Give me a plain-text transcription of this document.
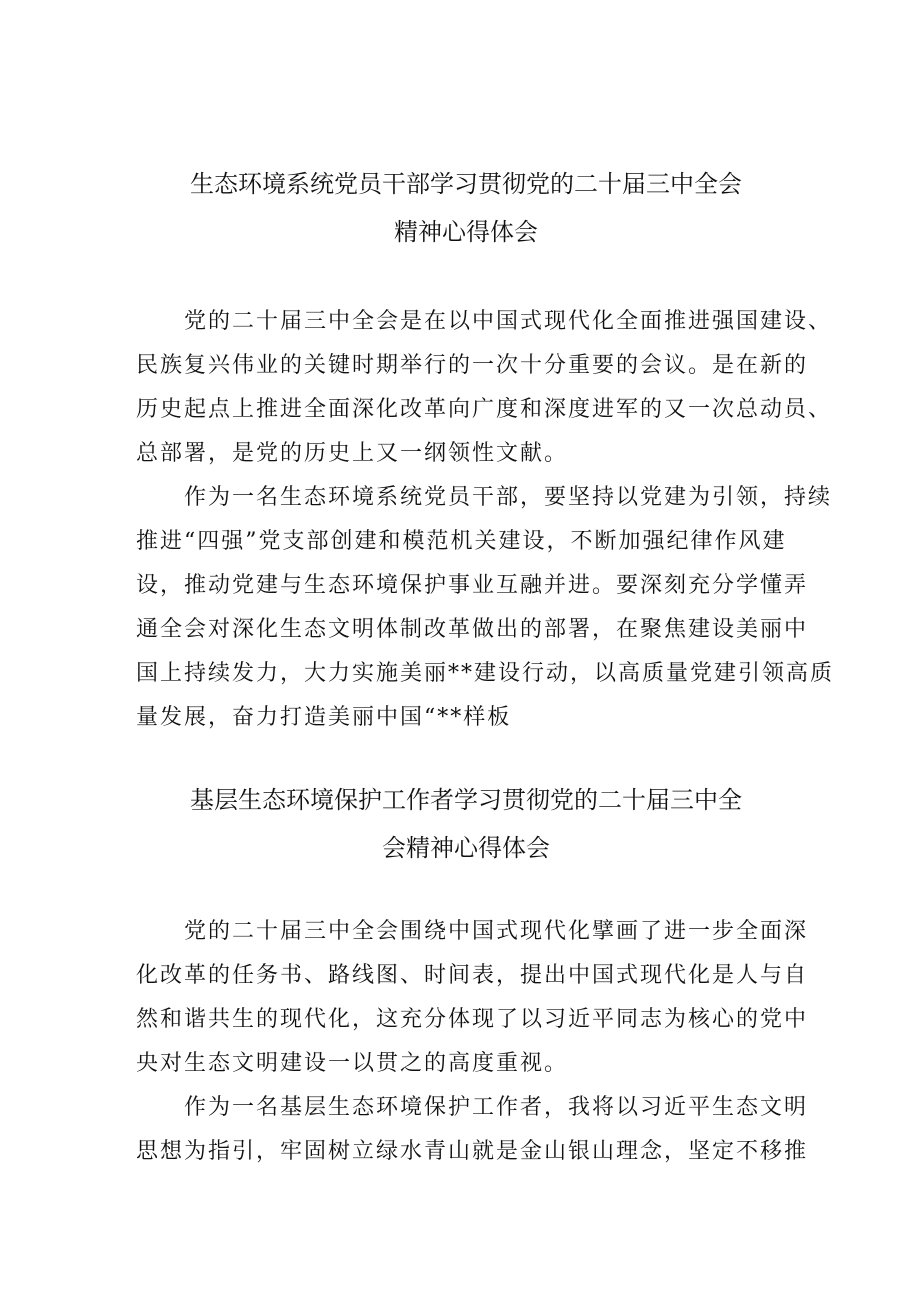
生态环境系统党员干部学习贯彻党的二十届三中全会
精神心得体会

党的二十届三中全会是在以中国式现代化全面推进强国建设、
民族复兴伟业的关键时期举行的一次十分重要的会议。是在新的
历史起点上推进全面深化改革向广度和深度进军的又一次总动员、
总部署，是党的历史上又一纲领性文献。

作为一名生态环境系统党员干部，要坚持以党建为引领，持续
推进“四强”党支部创建和模范机关建设，不断加强纪律作风建
设，推动党建与生态环境保护事业互融并进。要深刻充分学懂弄
通全会对深化生态文明体制改革做出的部署，在聚焦建设美丽中
国上持续发力，大力实施美丽**建设行动，以高质量党建引领高质
量发展，奋力打造美丽中国“**样板

基层生态环境保护工作者学习贯彻党的二十届三中全
会精神心得体会

党的二十届三中全会围绕中国式现代化擘画了进一步全面深
化改革的任务书、路线图、时间表，提出中国式现代化是人与自
然和谐共生的现代化，这充分体现了以习近平同志为核心的党中
央对生态文明建设一以贯之的高度重视。

作为一名基层生态环境保护工作者，我将以习近平生态文明
思想为指引，牢固树立绿水青山就是金山银山理念，坚定不移推
